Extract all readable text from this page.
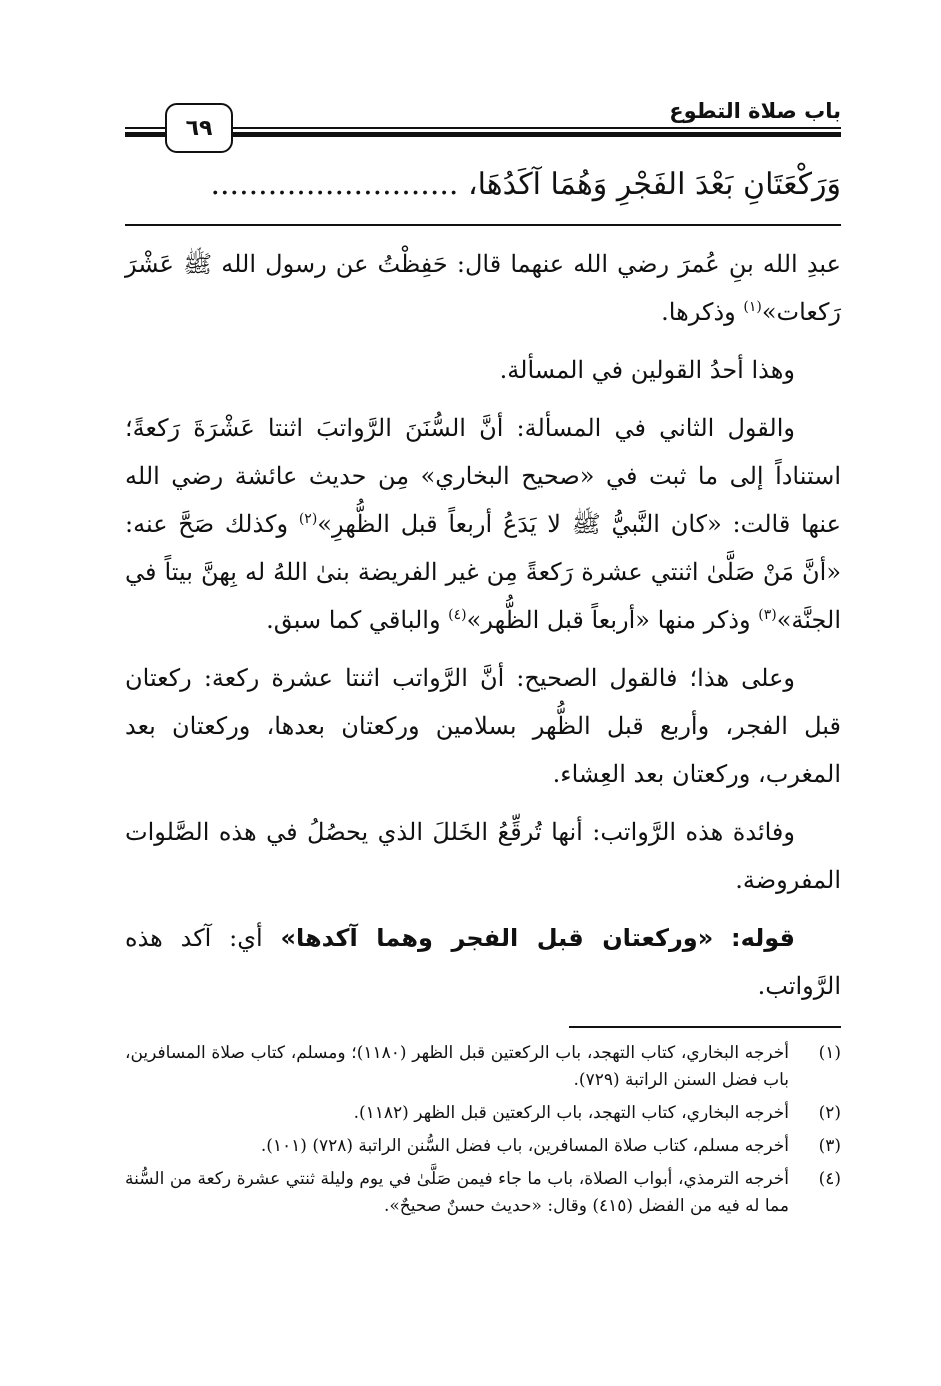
باب صلاة التطوع
٦٩
وَرَكْعَتَانِ بَعْدَ الفَجْرِ وَهُمَا آكَدُهَا، ..........................

عبدِ الله بنِ عُمرَ رضي الله عنهما قال: حَفِظْتُ عن رسول الله ﷺ عَشْرَ رَكعات»$^{(١)}$ وذكرها.

وهذا أحدُ القولين في المسألة.

والقول الثاني في المسألة: أنَّ السُّنَنَ الرَّواتبَ اثنتا عَشْرَةَ رَكعةً؛ استناداً إلى ما ثبت في «صحيح البخاري» مِن حديث عائشة رضي الله عنها قالت: «كان النَّبيُّ ﷺ لا يَدَعُ أربعاً قبل الظُّهرِ»$^{(٢)}$ وكذلك صَحَّ عنه: «أنَّ مَنْ صَلَّىٰ اثنتي عشرة رَكعةً مِن غير الفريضة بنىٰ اللهُ له بِهنَّ بيتاً في الجنَّة»$^{(٣)}$ وذكر منها «أربعاً قبل الظُّهر»$^{(٤)}$ والباقي كما سبق.

وعلى هذا؛ فالقول الصحيح: أنَّ الرَّواتب اثنتا عشرة ركعة: ركعتان قبل الفجر، وأربع قبل الظُّهر بسلامين وركعتان بعدها، وركعتان بعد المغرب، وركعتان بعد العِشاء.

وفائدة هذه الرَّواتب: أنها تُرقِّعُ الخَللَ الذي يحصُلُ في هذه الصَّلوات المفروضة.

قوله: «وركعتان قبل الفجر وهما آكدها» أي: آكد هذه الرَّواتب.

(١)
أخرجه البخاري، كتاب التهجد، باب الركعتين قبل الظهر (١١٨٠)؛ ومسلم، كتاب صلاة المسافرين، باب فضل السنن الراتبة (٧٢٩).
(٢)
أخرجه البخاري، كتاب التهجد، باب الركعتين قبل الظهر (١١٨٢).
(٣)
أخرجه مسلم، كتاب صلاة المسافرين، باب فضل السُّنن الراتبة (٧٢٨) (١٠١).
(٤)
أخرجه الترمذي، أبواب الصلاة، باب ما جاء فيمن صَلَّىٰ في يوم وليلة ثنتي عشرة ركعة من السُّنة مما له فيه من الفضل (٤١٥) وقال: «حديث حسنٌ صحيحٌ».
